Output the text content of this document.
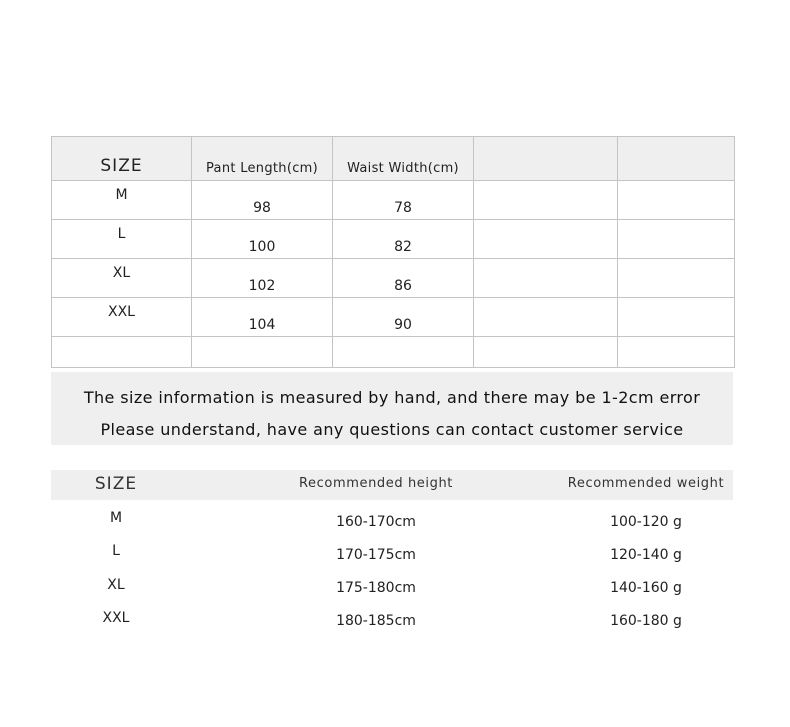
SIZE	Pant Length(cm)	Waist Width(cm)		
M	98	78		
L	100	82		
XL	102	86		
XXL	104	90		

The size information is measured by hand, and there may be 1-2cm error
Please understand, have any questions can contact customer service
SIZE	Recommended height	Recommended weight
M	160-170cm	100-120 g
L	170-175cm	120-140 g
XL	175-180cm	140-160 g
XXL	180-185cm	160-180 g
